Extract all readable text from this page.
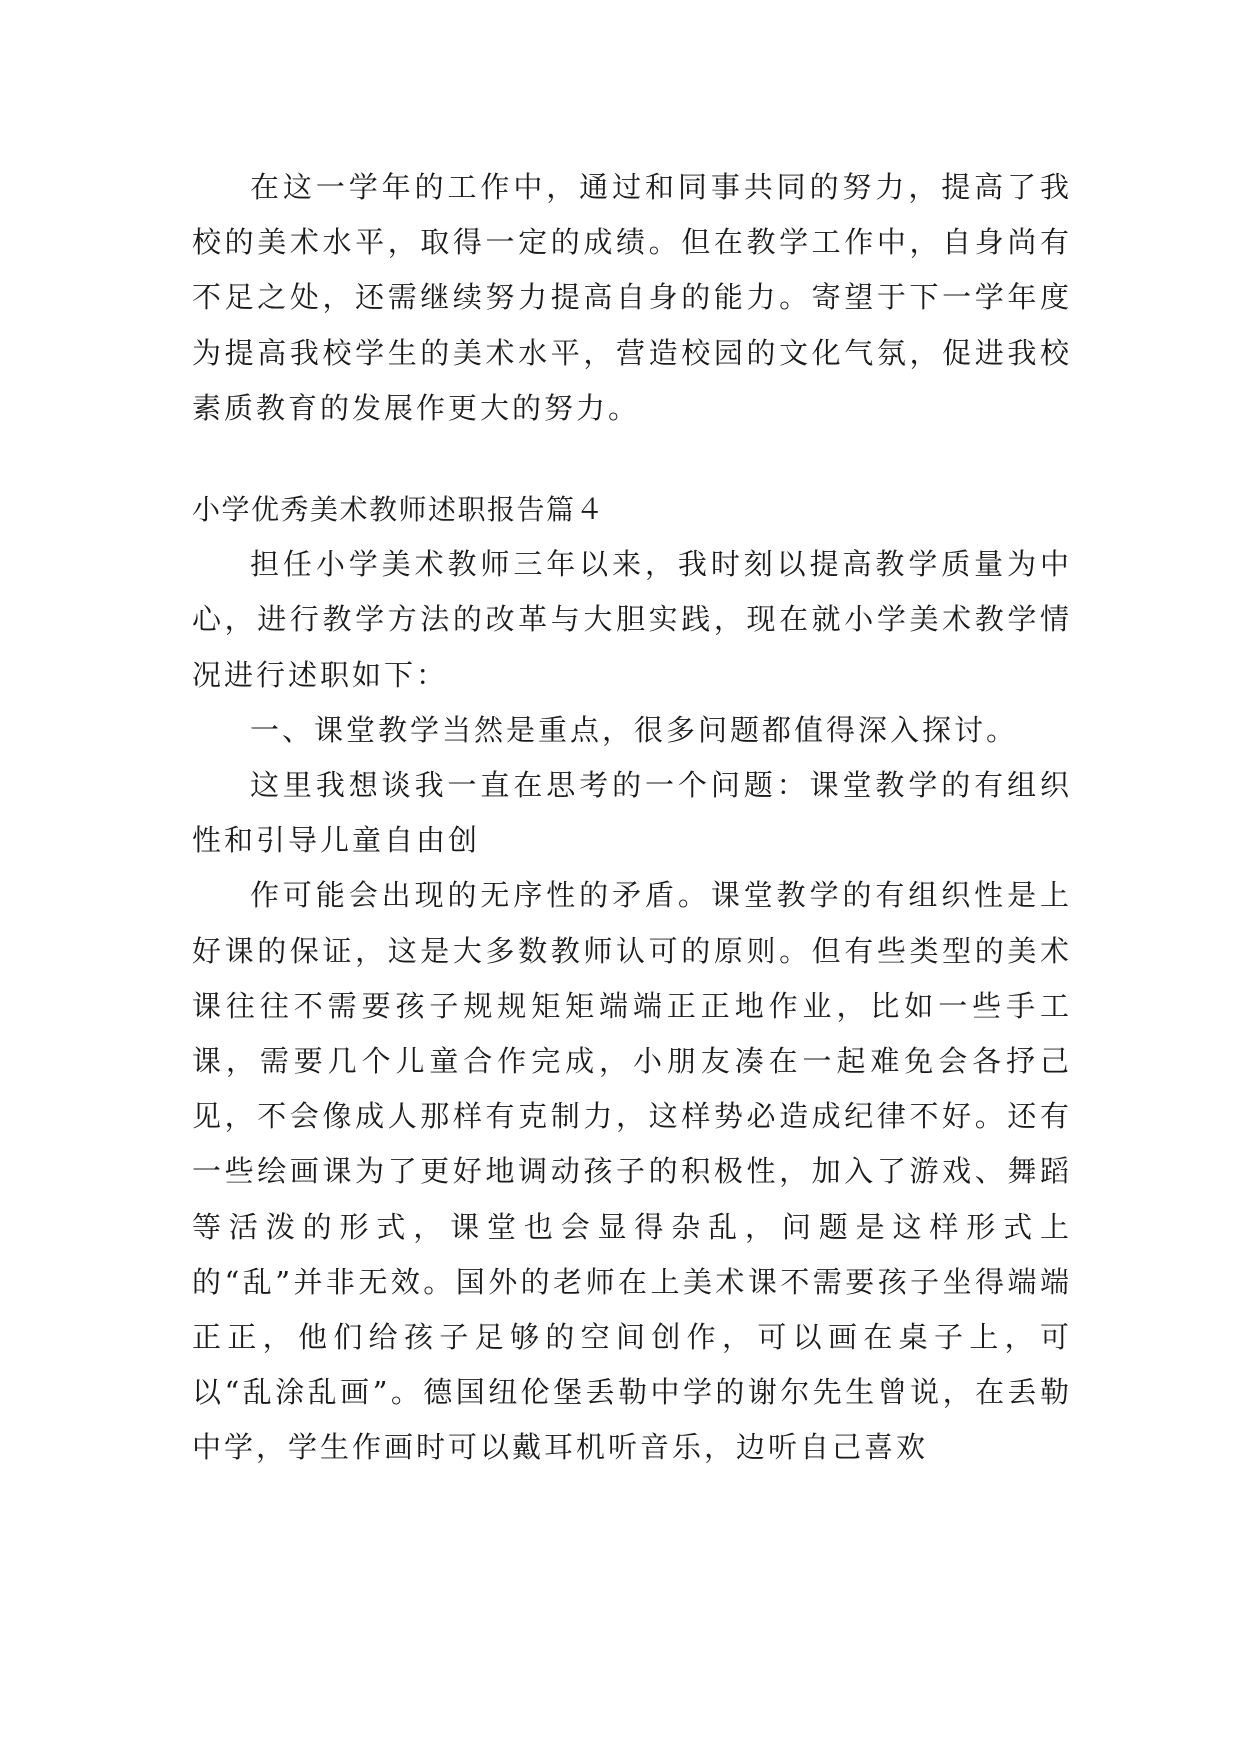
在这一学年的工作中，通过和同事共同的努力，提高了我校的美术水平，取得一定的成绩。但在教学工作中，自身尚有不足之处，还需继续努力提高自身的能力。寄望于下一学年度为提高我校学生的美术水平，营造校园的文化气氛，促进我校素质教育的发展作更大的努力。

小学优秀美术教师述职报告篇４

担任小学美术教师三年以来，我时刻以提高教学质量为中心，进行教学方法的改革与大胆实践，现在就小学美术教学情况进行述职如下：

一、课堂教学当然是重点，很多问题都值得深入探讨。

这里我想谈我一直在思考的一个问题：课堂教学的有组织性和引导儿童自由创

作可能会出现的无序性的矛盾。课堂教学的有组织性是上好课的保证，这是大多数教师认可的原则。但有些类型的美术课往往不需要孩子规规矩矩端端正正地作业，比如一些手工课，需要几个儿童合作完成，小朋友凑在一起难免会各抒己见，不会像成人那样有克制力，这样势必造成纪律不好。还有一些绘画课为了更好地调动孩子的积极性，加入了游戏、舞蹈等活泼的形式，课堂也会显得杂乱，问题是这样形式上的“乱”并非无效。国外的老师在上美术课不需要孩子坐得端端正正，他们给孩子足够的空间创作，可以画在桌子上，可以“乱涂乱画”。德国纽伦堡丢勒中学的谢尔先生曾说，在丢勒中学，学生作画时可以戴耳机听音乐，边听自己喜欢
